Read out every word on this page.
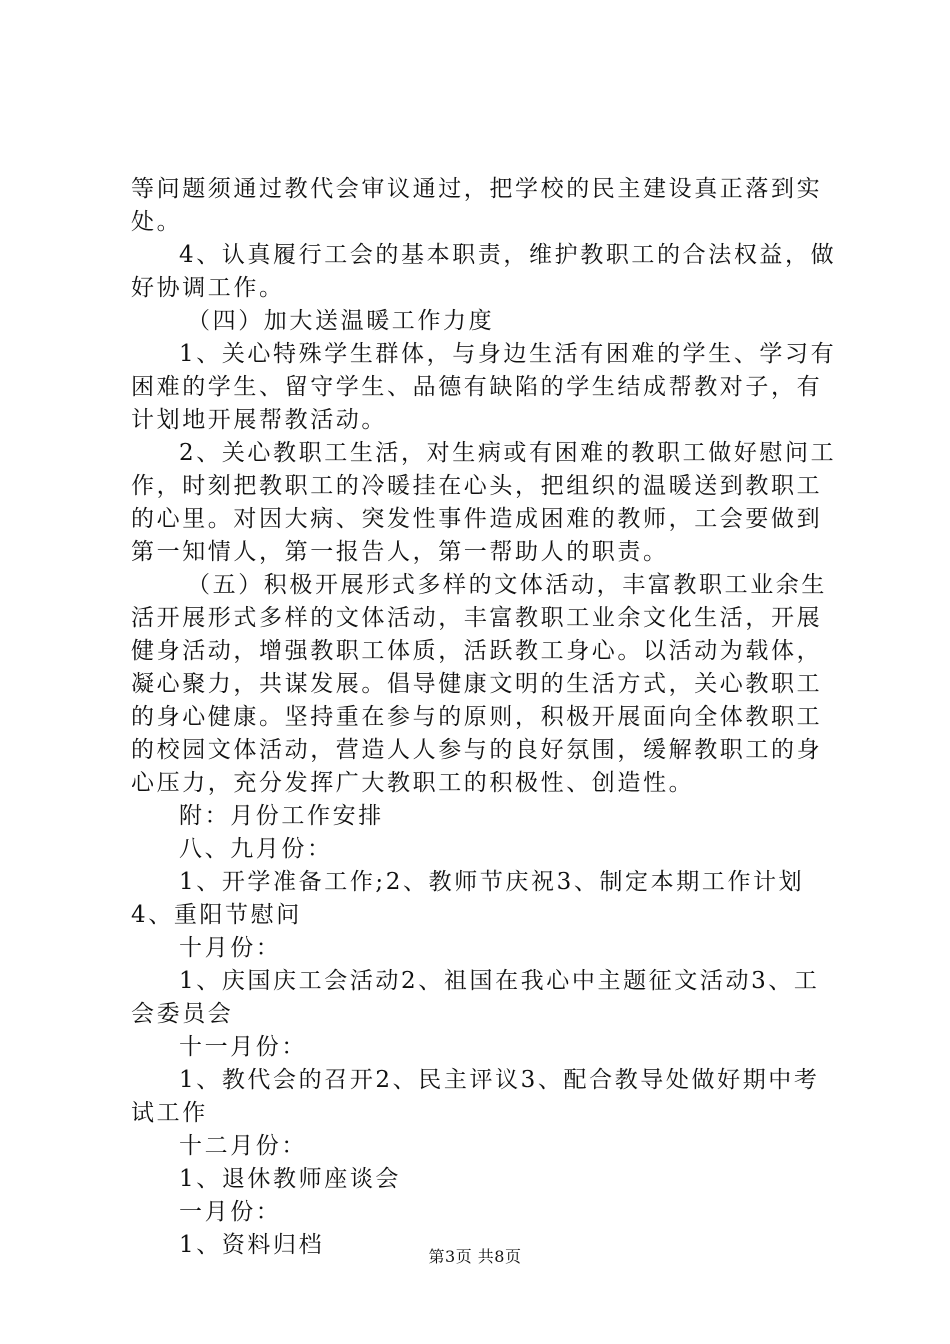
等问题须通过教代会审议通过，把学校的民主建设真正落到实
处。
4、认真履行工会的基本职责，维护教职工的合法权益，做
好协调工作。
（四）加大送温暖工作力度
1、关心特殊学生群体，与身边生活有困难的学生、学习有
困难的学生、留守学生、品德有缺陷的学生结成帮教对子，有
计划地开展帮教活动。
2、关心教职工生活，对生病或有困难的教职工做好慰问工
作，时刻把教职工的冷暖挂在心头，把组织的温暖送到教职工
的心里。对因大病、突发性事件造成困难的教师，工会要做到
第一知情人，第一报告人，第一帮助人的职责。
（五）积极开展形式多样的文体活动，丰富教职工业余生
活开展形式多样的文体活动，丰富教职工业余文化生活，开展
健身活动，增强教职工体质，活跃教工身心。以活动为载体，
凝心聚力，共谋发展。倡导健康文明的生活方式，关心教职工
的身心健康。坚持重在参与的原则，积极开展面向全体教职工
的校园文体活动，营造人人参与的良好氛围，缓解教职工的身
心压力，充分发挥广大教职工的积极性、创造性。
附：月份工作安排
八、九月份：
1、开学准备工作;2、教师节庆祝3、制定本期工作计划
4、重阳节慰问
十月份：
1、庆国庆工会活动2、祖国在我心中主题征文活动3、工
会委员会
十一月份：
1、教代会的召开2、民主评议3、配合教导处做好期中考
试工作
十二月份：
1、退休教师座谈会
一月份：
1、资料归档	第3页 共8页
